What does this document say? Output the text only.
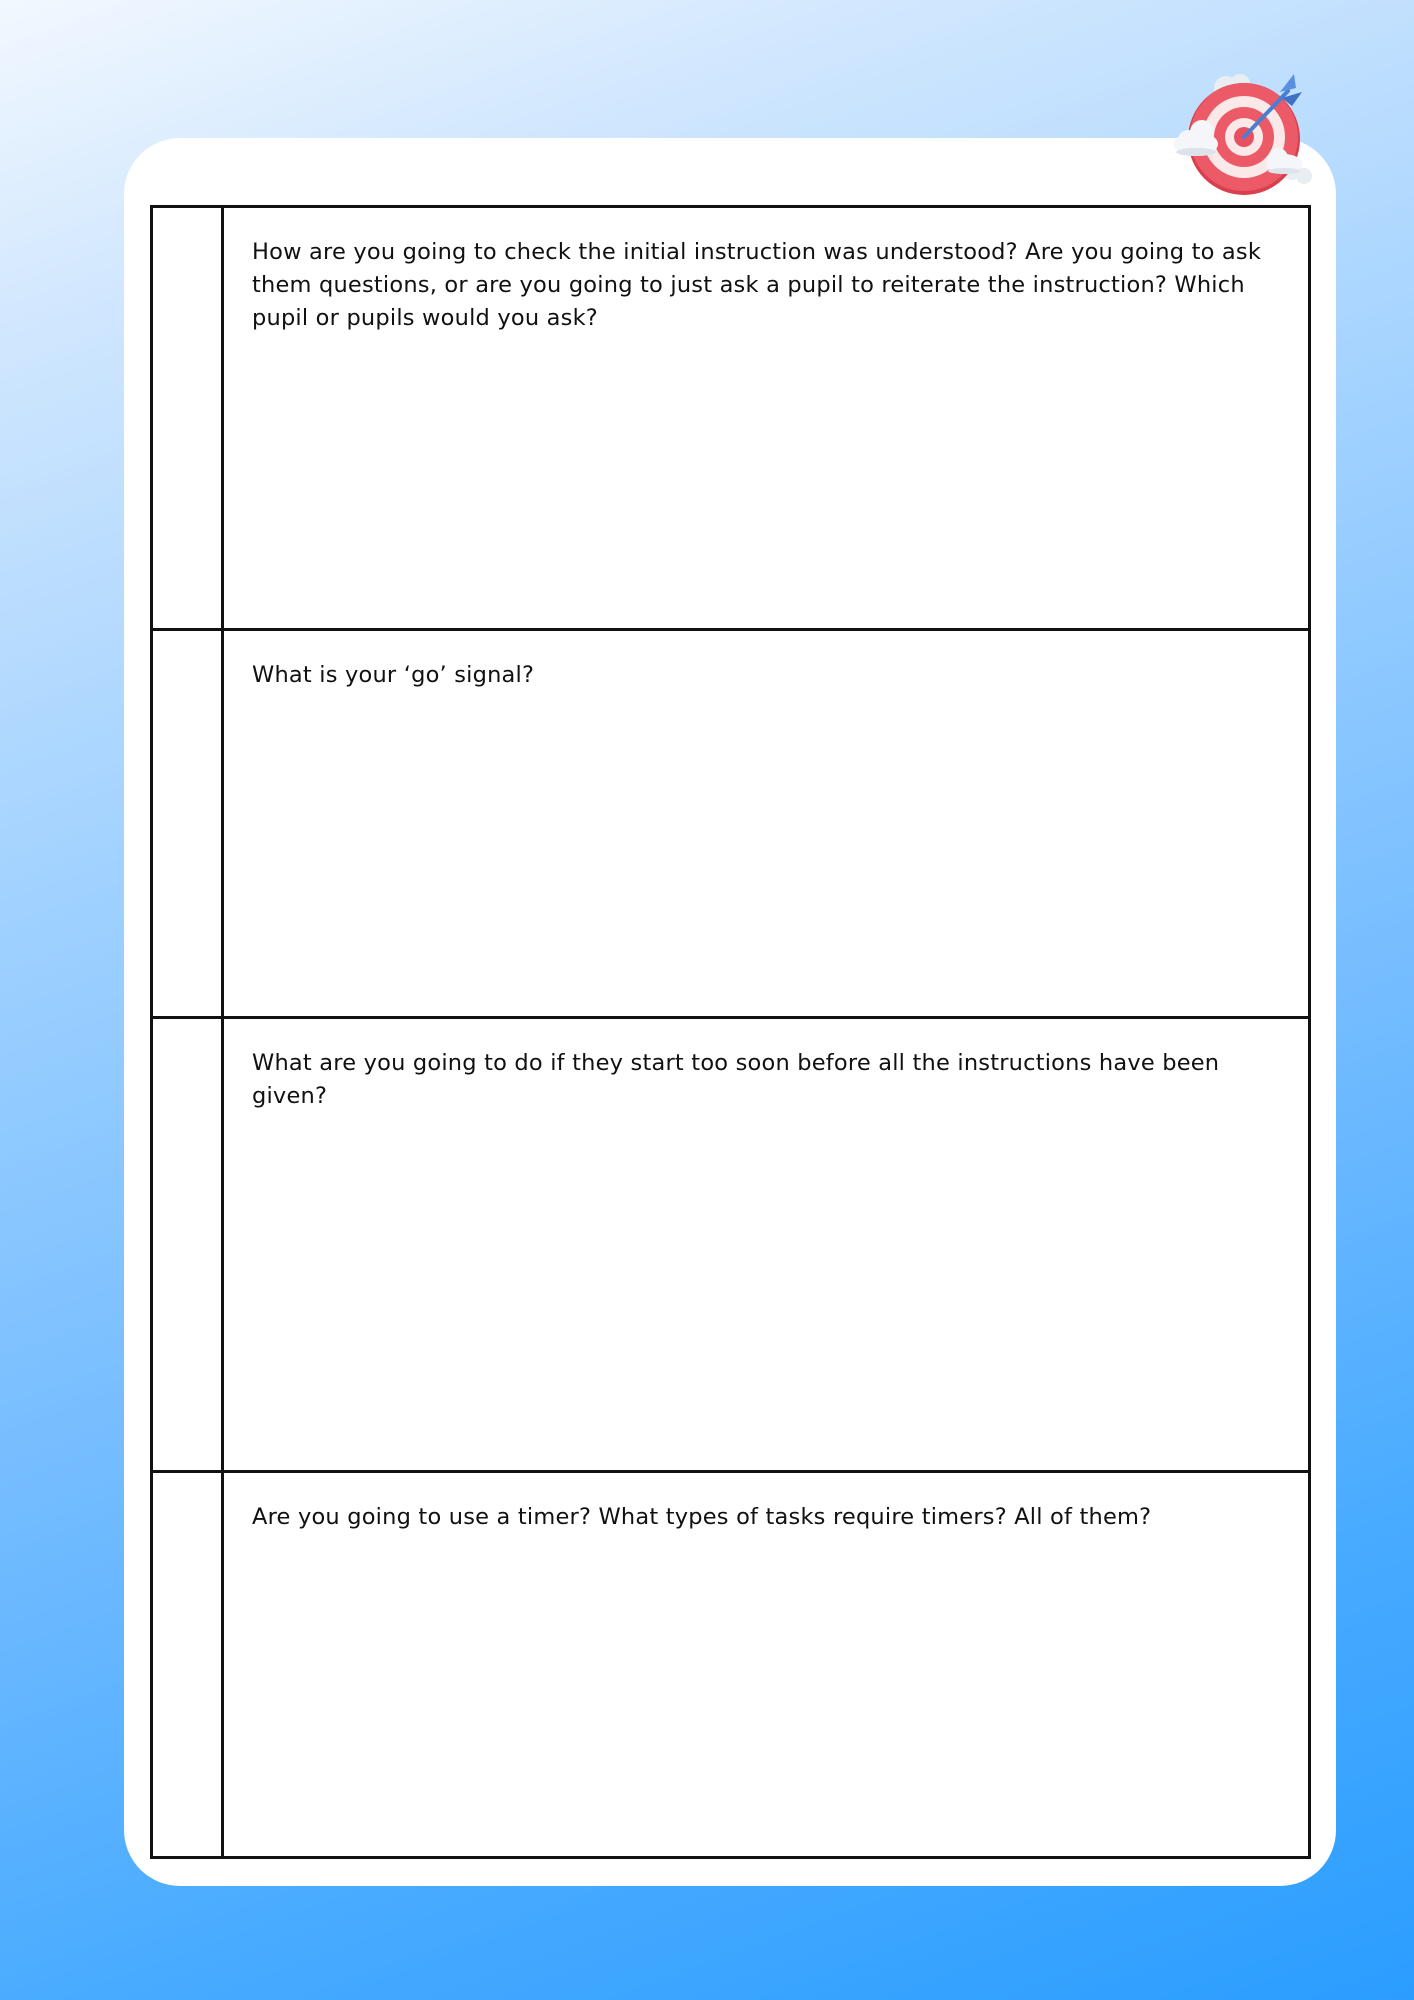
How are you going to check the initial instruction was understood? Are you going to ask them questions, or are you going to just ask a pupil to reiterate the instruction? Which pupil or pupils would you ask?

What is your ‘go’ signal?

What are you going to do if they start too soon before all the instructions have been given?

Are you going to use a timer? What types of tasks require timers? All of them?
